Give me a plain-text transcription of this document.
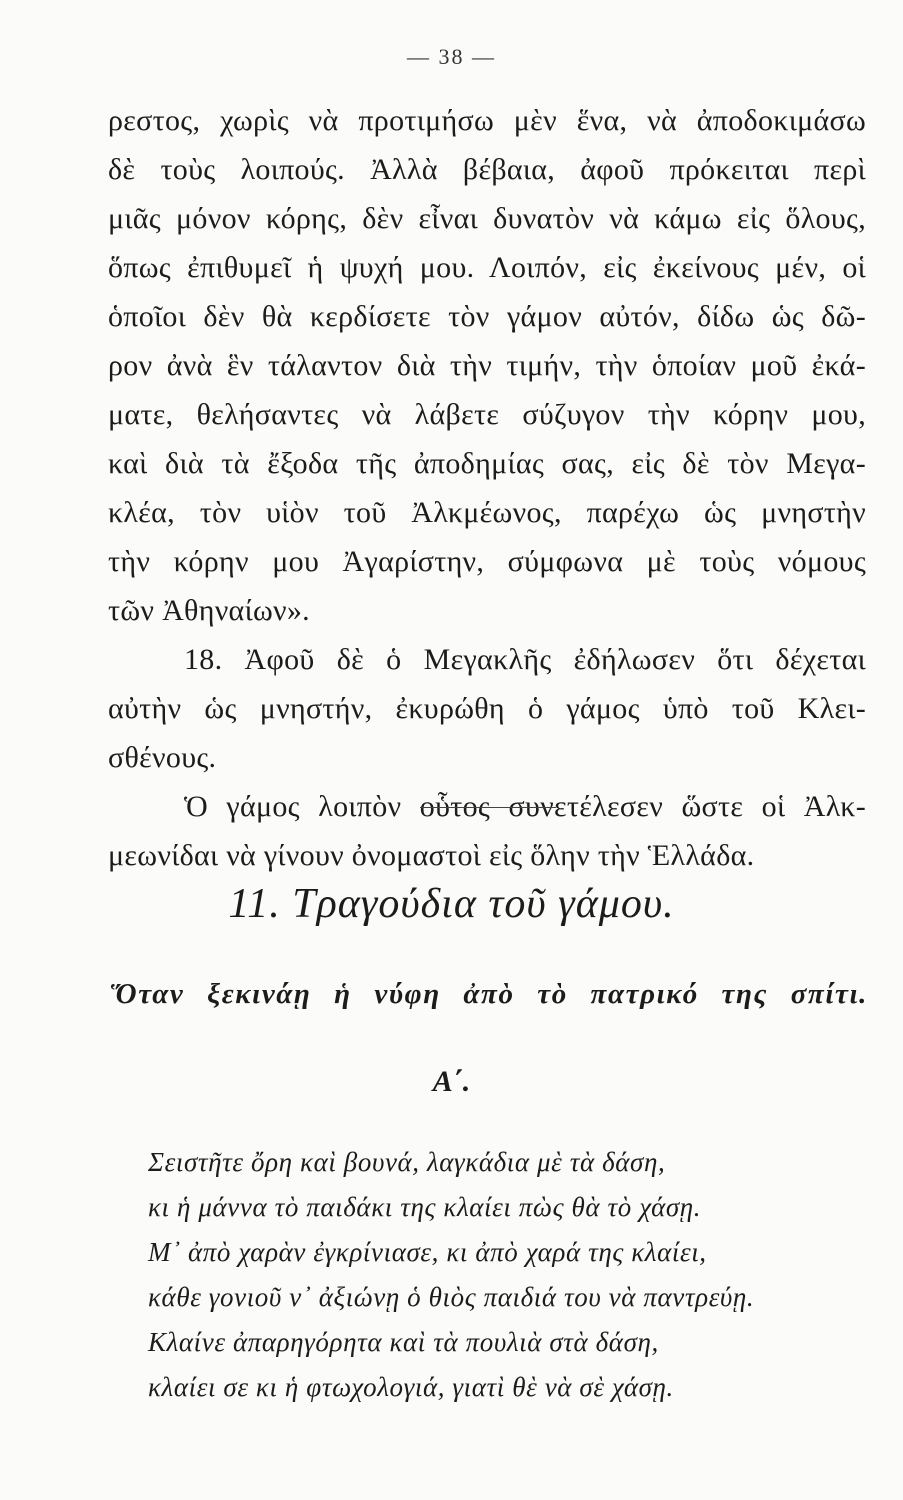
— 38 —
ρεστος, χωρὶς νὰ προτιμήσω μὲν ἕνα, νὰ ἀποδοκιμάσω
δὲ τοὺς λοιπούς. Ἀλλὰ βέβαια, ἀφοῦ πρόκειται περὶ
μιᾶς μόνον κόρης, δὲν εἶναι δυνατὸν νὰ κάμω εἰς ὅλους,
ὅπως ἐπιθυμεῖ ἡ ψυχή μου. Λοιπόν, εἰς ἐκείνους μέν, οἱ
ὁποῖοι δὲν θὰ κερδίσετε τὸν γάμον αὐτόν, δίδω ὡς δῶ-
ρον ἀνὰ ἓν τάλαντον διὰ τὴν τιμήν, τὴν ὁποίαν μοῦ ἐκά-
ματε, θελήσαντες νὰ λάβετε σύζυγον τὴν κόρην μου,
καὶ διὰ τὰ ἔξοδα τῆς ἀποδημίας σας, εἰς δὲ τὸν Μεγα-
κλέα, τὸν υἱὸν τοῦ Ἀλκμέωνος, παρέχω ὡς μνηστὴν
τὴν κόρην μου Ἀγαρίστην, σύμφωνα μὲ τοὺς νόμους
τῶν Ἀθηναίων».
18. Ἀφοῦ δὲ ὁ Μεγακλῆς ἐδήλωσεν ὅτι δέχεται
αὐτὴν ὡς μνηστήν, ἐκυρώθη ὁ γάμος ὑπὸ τοῦ Κλει-
σθένους.
Ὁ γάμος λοιπὸν οὗτος συνετέλεσεν ὥστε οἱ Ἀλκ-
μεωνίδαι νὰ γίνουν ὀνομαστοὶ εἰς ὅλην τὴν Ἑλλάδα.
11. Τραγούδια τοῦ γάμου.
Ὅταν ξεκινάῃ ἡ νύφη ἀπὸ τὸ πατρικό της σπίτι.
Α΄.
Σειστῆτε ὄρη καὶ βουνά, λαγκάδια μὲ τὰ δάση,
κι ἡ μάννα τὸ παιδάκι της κλαίει πὼς θὰ τὸ χάσῃ.
Μ᾽ ἀπὸ χαρὰν ἐγκρίνιασε, κι ἀπὸ χαρά της κλαίει,
κάθε γονιοῦ ν᾽ ἀξιώνῃ ὁ θιὸς παιδιά του νὰ παντρεύῃ.
Κλαίνε ἀπαρηγόρητα καὶ τὰ πουλιὰ στὰ δάση,
κλαίει σε κι ἡ φτωχολογιά, γιατὶ θὲ νὰ σὲ χάσῃ.
